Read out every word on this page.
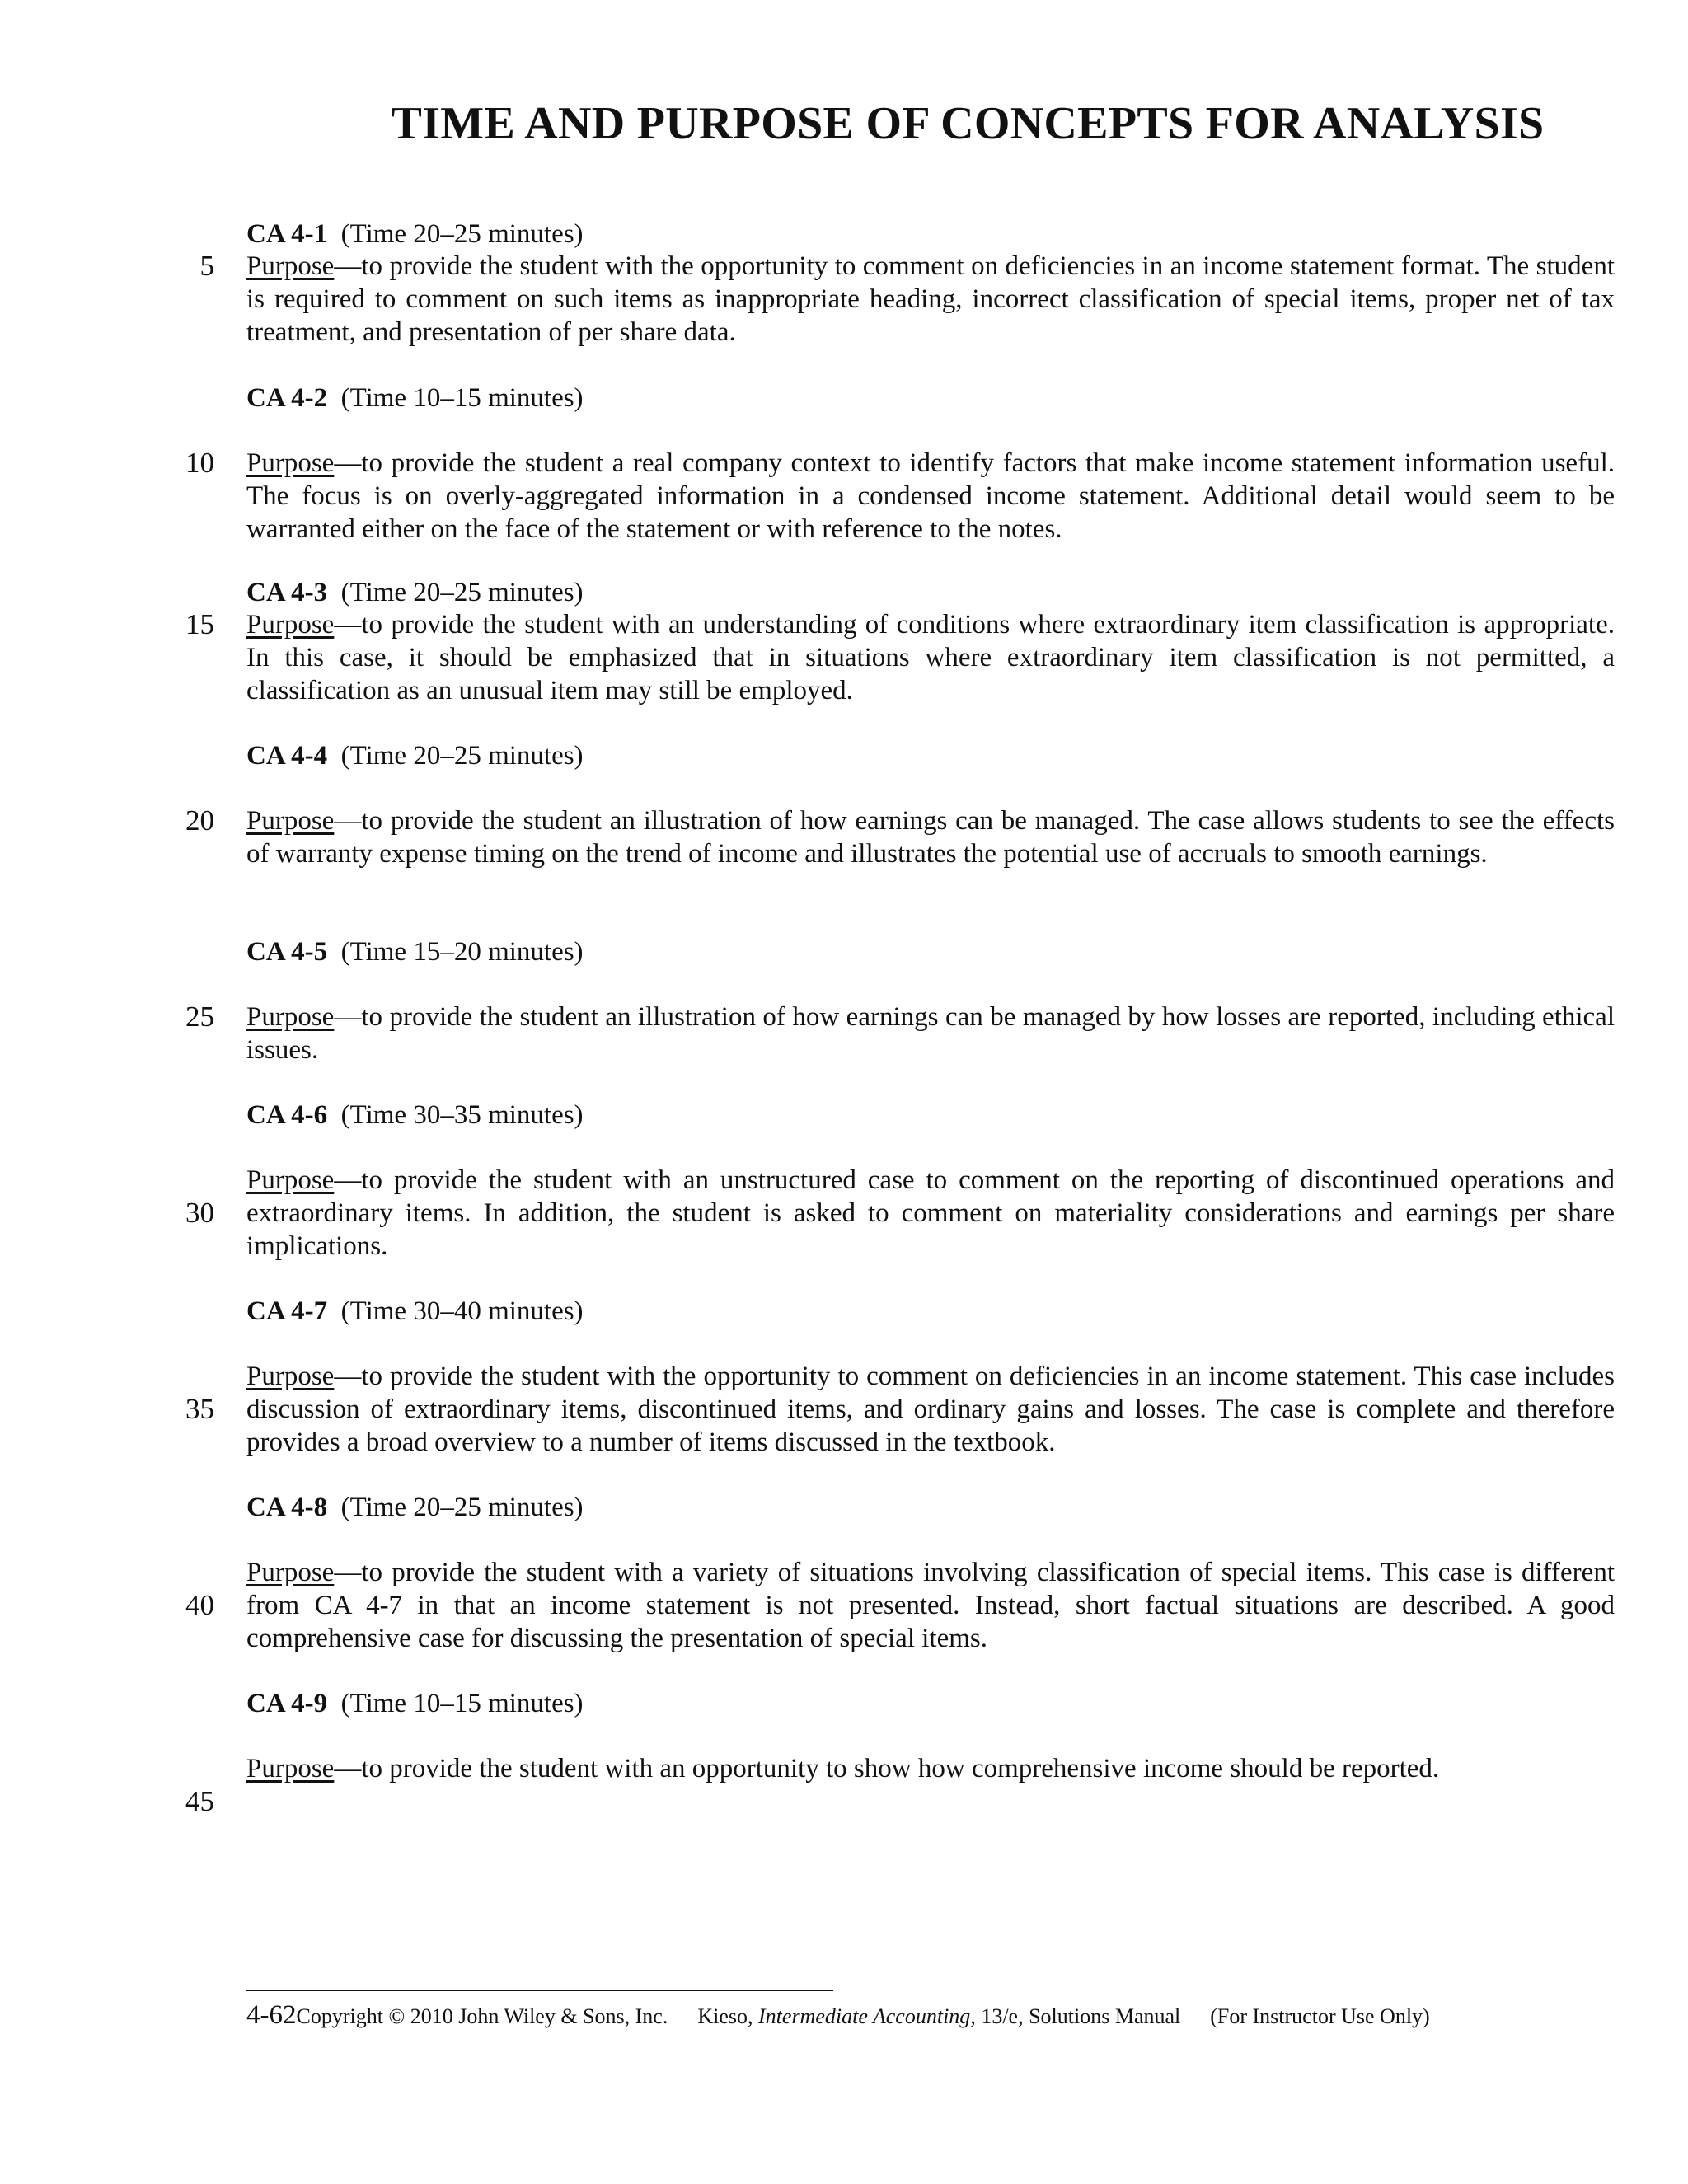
TIME AND PURPOSE OF CONCEPTS FOR ANALYSIS
5
10
15
20
25
30
35
40
45
CA 4-1 (Time 20–25 minutes)

Purpose—to provide the student with the opportunity to comment on deficiencies in an income statement format. The student is required to comment on such items as inappropriate heading, incorrect classification of special items, proper net of tax treatment, and presentation of per share data.

CA 4-2 (Time 10–15 minutes)

Purpose—to provide the student a real company context to identify factors that make income statement information useful. The focus is on overly-aggregated information in a condensed income statement. Additional detail would seem to be warranted either on the face of the statement or with reference to the notes.

CA 4-3 (Time 20–25 minutes)

Purpose—to provide the student with an understanding of conditions where extraordinary item classification is appropriate. In this case, it should be emphasized that in situations where extraordinary item classification is not permitted, a classification as an unusual item may still be employed.

CA 4-4 (Time 20–25 minutes)

Purpose—to provide the student an illustration of how earnings can be managed. The case allows students to see the effects of warranty expense timing on the trend of income and illustrates the potential use of accruals to smooth earnings.

CA 4-5 (Time 15–20 minutes)

Purpose—to provide the student an illustration of how earnings can be managed by how losses are reported, including ethical issues.

CA 4-6 (Time 30–35 minutes)

Purpose—to provide the student with an unstructured case to comment on the reporting of discontinued operations and extraordinary items. In addition, the student is asked to comment on materiality considerations and earnings per share implications.

CA 4-7 (Time 30–40 minutes)

Purpose—to provide the student with the opportunity to comment on deficiencies in an income statement. This case includes discussion of extraordinary items, discontinued items, and ordinary gains and losses. The case is complete and therefore provides a broad overview to a number of items discussed in the textbook.

CA 4-8 (Time 20–25 minutes)

Purpose—to provide the student with a variety of situations involving classification of special items. This case is different from CA 4-7 in that an income statement is not presented. Instead, short factual situations are described. A good comprehensive case for discussing the presentation of special items.

CA 4-9 (Time 10–15 minutes)

Purpose—to provide the student with an opportunity to show how comprehensive income should be reported.

4-62Copyright © 2010 John Wiley & Sons, Inc. Kieso, Intermediate Accounting, 13/e, Solutions Manual (For Instructor Use Only)
